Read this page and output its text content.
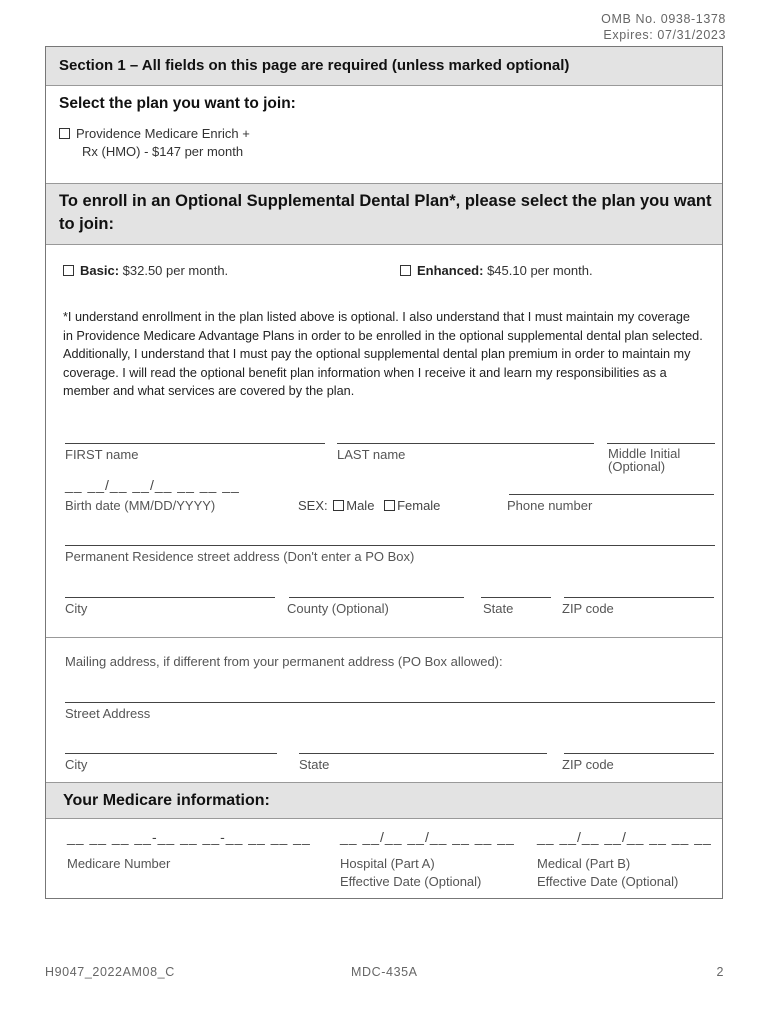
OMB No. 0938-1378
Expires: 07/31/2023
Section 1 – All fields on this page are required (unless marked optional)
Select the plan you want to join:
Providence Medicare Enrich +
Rx (HMO) - $147 per month
To enroll in an Optional Supplemental Dental Plan*, please select the plan you want to join:
Basic: $32.50 per month.	Enhanced: $45.10 per month.
*I understand enrollment in the plan listed above is optional. I also understand that I must maintain my coverage in Providence Medicare Advantage Plans in order to be enrolled in the optional supplemental dental plan selected. Additionally, I understand that I must pay the optional supplemental dental plan premium in order to maintain my coverage. I will read the optional benefit plan information when I receive it and learn my responsibilities as a member and what services are covered by the plan.
FIRST name	LAST name	Middle Initial
(Optional)
__ __/__ __/__ __ __ __
Birth date (MM/DD/YYYY)	SEX: Male Female	Phone number
Permanent Residence street address (Don't enter a PO Box)
City	County (Optional)	State	ZIP code
Mailing address, if different from your permanent address (PO Box allowed):
Street Address
City	State	ZIP code
Your Medicare information:
__ __ __ __-__ __ __-__ __ __ __
Medicare Number
__ __/__ __/__ __ __ __
Hospital (Part A)
Effective Date (Optional)
__ __/__ __/__ __ __ __
Medical (Part B)
Effective Date (Optional)
H9047_2022AM08_C	MDC-435A	2
